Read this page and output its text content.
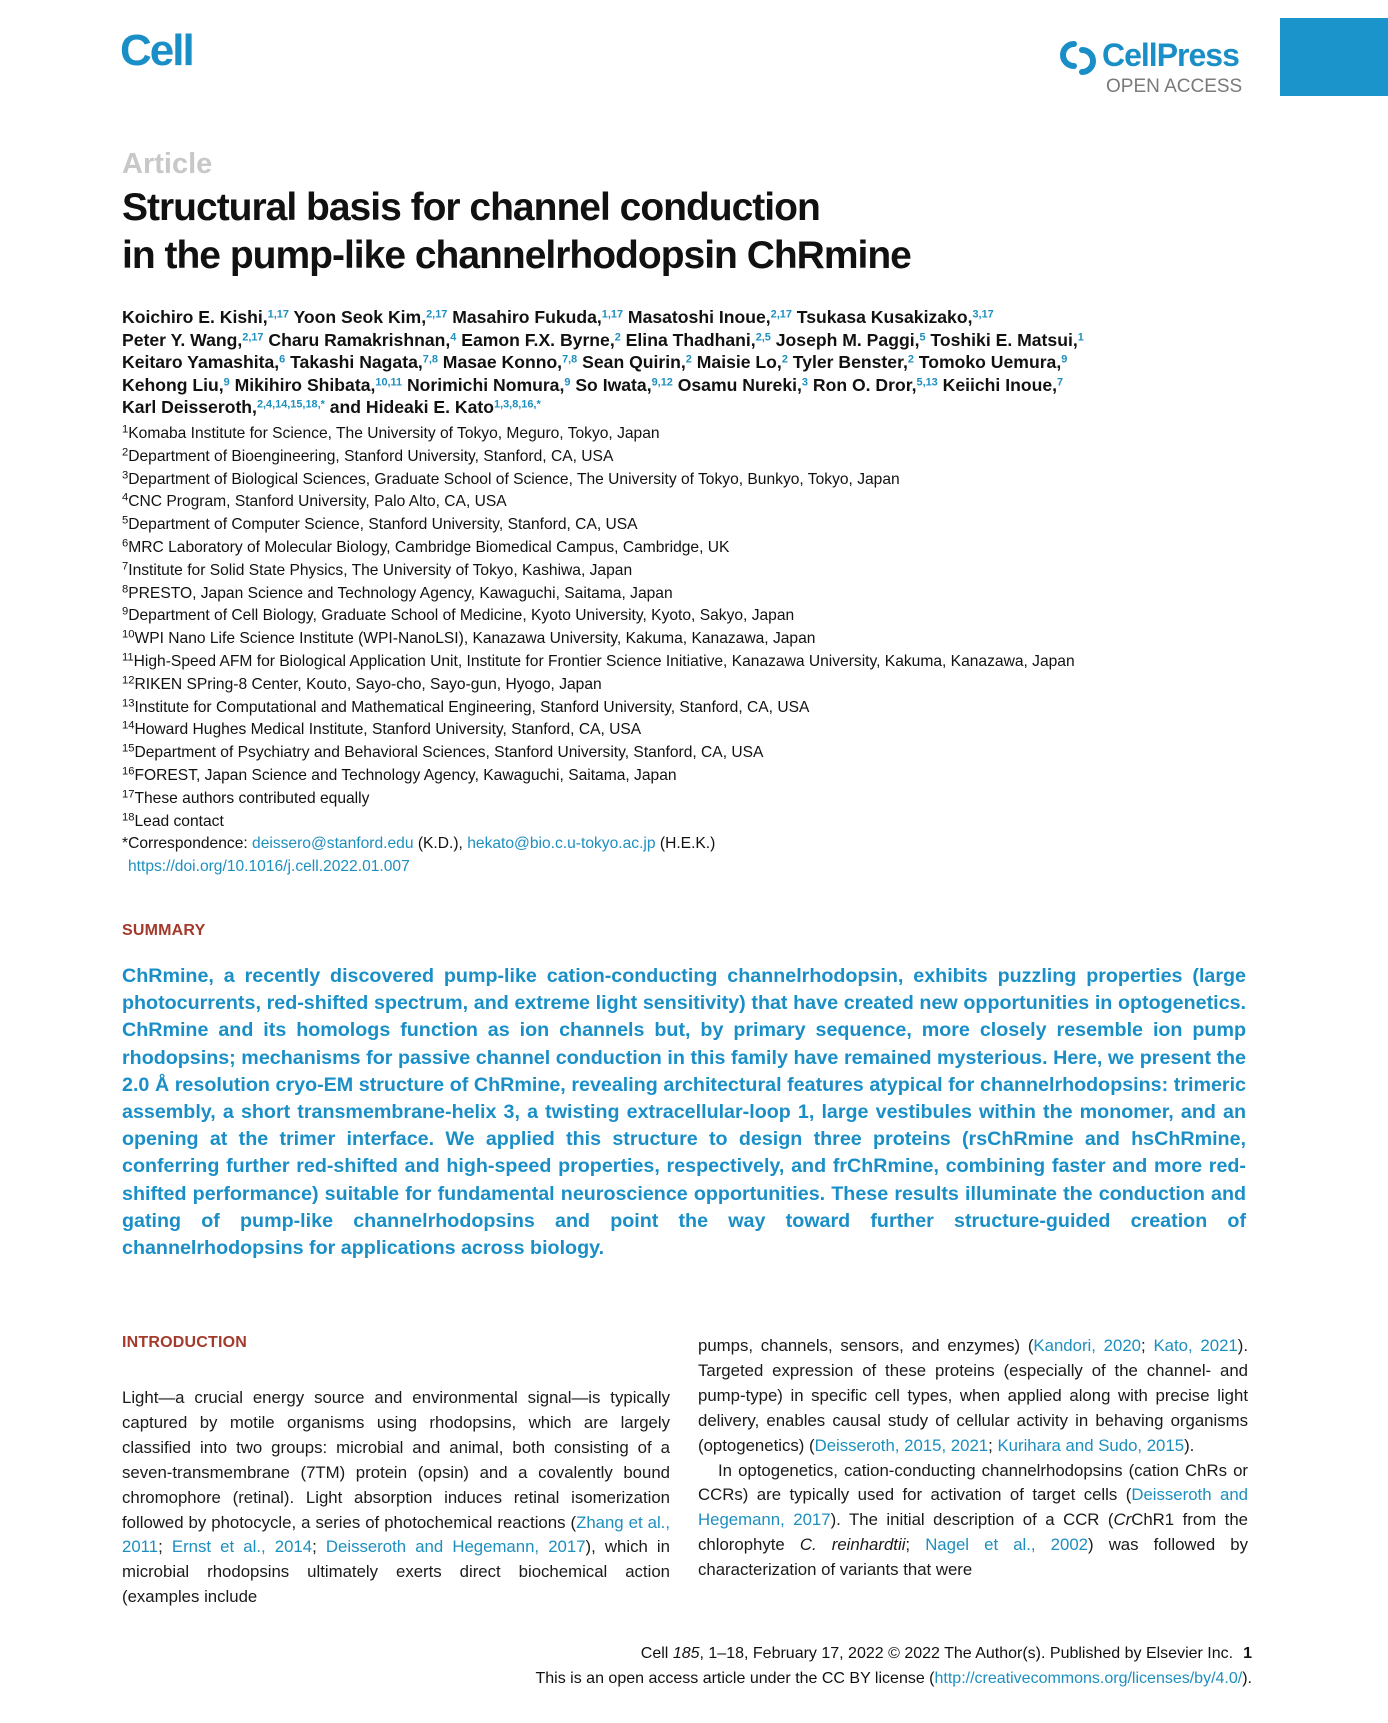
Cell	CellPress
OPEN ACCESS
Article
Structural basis for channel conduction
in the pump-like channelrhodopsin ChRmine
Koichiro E. Kishi,$^{1,17}$ Yoon Seok Kim,$^{2,17}$ Masahiro Fukuda,$^{1,17}$ Masatoshi Inoue,$^{2,17}$ Tsukasa Kusakizako,$^{3,17}$
Peter Y. Wang,$^{2,17}$ Charu Ramakrishnan,$^4$ Eamon F.X. Byrne,$^2$ Elina Thadhani,$^{2,5}$ Joseph M. Paggi,$^5$ Toshiki E. Matsui,$^1$
Keitaro Yamashita,$^6$ Takashi Nagata,$^{7,8}$ Masae Konno,$^{7,8}$ Sean Quirin,$^2$ Maisie Lo,$^2$ Tyler Benster,$^2$ Tomoko Uemura,$^9$
Kehong Liu,$^9$ Mikihiro Shibata,$^{10,11}$ Norimichi Nomura,$^9$ So Iwata,$^{9,12}$ Osamu Nureki,$^3$ Ron O. Dror,$^{5,13}$ Keiichi Inoue,$^7$
Karl Deisseroth,$^{2,4,14,15,18,*}$ and Hideaki E. Kato$^{1,3,8,16,*}$
$^1$Komaba Institute for Science, The University of Tokyo, Meguro, Tokyo, Japan
$^2$Department of Bioengineering, Stanford University, Stanford, CA, USA
$^3$Department of Biological Sciences, Graduate School of Science, The University of Tokyo, Bunkyo, Tokyo, Japan
$^4$CNC Program, Stanford University, Palo Alto, CA, USA
$^5$Department of Computer Science, Stanford University, Stanford, CA, USA
$^6$MRC Laboratory of Molecular Biology, Cambridge Biomedical Campus, Cambridge, UK
$^7$Institute for Solid State Physics, The University of Tokyo, Kashiwa, Japan
$^8$PRESTO, Japan Science and Technology Agency, Kawaguchi, Saitama, Japan
$^9$Department of Cell Biology, Graduate School of Medicine, Kyoto University, Kyoto, Sakyo, Japan
$^{10}$WPI Nano Life Science Institute (WPI-NanoLSI), Kanazawa University, Kakuma, Kanazawa, Japan
$^{11}$High-Speed AFM for Biological Application Unit, Institute for Frontier Science Initiative, Kanazawa University, Kakuma, Kanazawa, Japan
$^{12}$RIKEN SPring-8 Center, Kouto, Sayo-cho, Sayo-gun, Hyogo, Japan
$^{13}$Institute for Computational and Mathematical Engineering, Stanford University, Stanford, CA, USA
$^{14}$Howard Hughes Medical Institute, Stanford University, Stanford, CA, USA
$^{15}$Department of Psychiatry and Behavioral Sciences, Stanford University, Stanford, CA, USA
$^{16}$FOREST, Japan Science and Technology Agency, Kawaguchi, Saitama, Japan
$^{17}$These authors contributed equally
$^{18}$Lead contact
*Correspondence: deissero@stanford.edu (K.D.), hekato@bio.c.u-tokyo.ac.jp (H.E.K.)
https://doi.org/10.1016/j.cell.2022.01.007
SUMMARY
ChRmine, a recently discovered pump-like cation-conducting channelrhodopsin, exhibits puzzling properties (large photocurrents, red-shifted spectrum, and extreme light sensitivity) that have created new opportunities in optogenetics. ChRmine and its homologs function as ion channels but, by primary sequence, more closely resemble ion pump rhodopsins; mechanisms for passive channel conduction in this family have remained mysterious. Here, we present the 2.0 Å resolution cryo-EM structure of ChRmine, revealing architectural features atypical for channelrhodopsins: trimeric assembly, a short transmembrane-helix 3, a twisting extracellular-loop 1, large vestibules within the monomer, and an opening at the trimer interface. We applied this structure to design three proteins (rsChRmine and hsChRmine, conferring further red-shifted and high-speed properties, respectively, and frChRmine, combining faster and more red-shifted performance) suitable for fundamental neuroscience opportunities. These results illuminate the conduction and gating of pump-like channelrhodopsins and point the way toward further structure-guided creation of channelrhodopsins for applications across biology.
INTRODUCTION

Light—a crucial energy source and environmental signal—is typically captured by motile organisms using rhodopsins, which are largely classified into two groups: microbial and animal, both consisting of a seven-transmembrane (7TM) protein (opsin) and a covalently bound chromophore (retinal). Light absorption induces retinal isomerization followed by photocycle, a series of photochemical reactions (Zhang et al., 2011; Ernst et al., 2014; Deisseroth and Hegemann, 2017), which in microbial rhodopsins ultimately exerts direct biochemical action (examples include

pumps, channels, sensors, and enzymes) (Kandori, 2020; Kato, 2021). Targeted expression of these proteins (especially of the channel- and pump-type) in specific cell types, when applied along with precise light delivery, enables causal study of cellular activity in behaving organisms (optogenetics) (Deisseroth, 2015, 2021; Kurihara and Sudo, 2015).

In optogenetics, cation-conducting channelrhodopsins (cation ChRs or CCRs) are typically used for activation of target cells (Deisseroth and Hegemann, 2017). The initial description of a CCR (CrChR1 from the chlorophyte C. reinhardtii; Nagel et al., 2002) was followed by characterization of variants that were

Cell 185, 1–18, February 17, 2022 © 2022 The Author(s). Published by Elsevier Inc. 1
This is an open access article under the CC BY license (http://creativecommons.org/licenses/by/4.0/).
